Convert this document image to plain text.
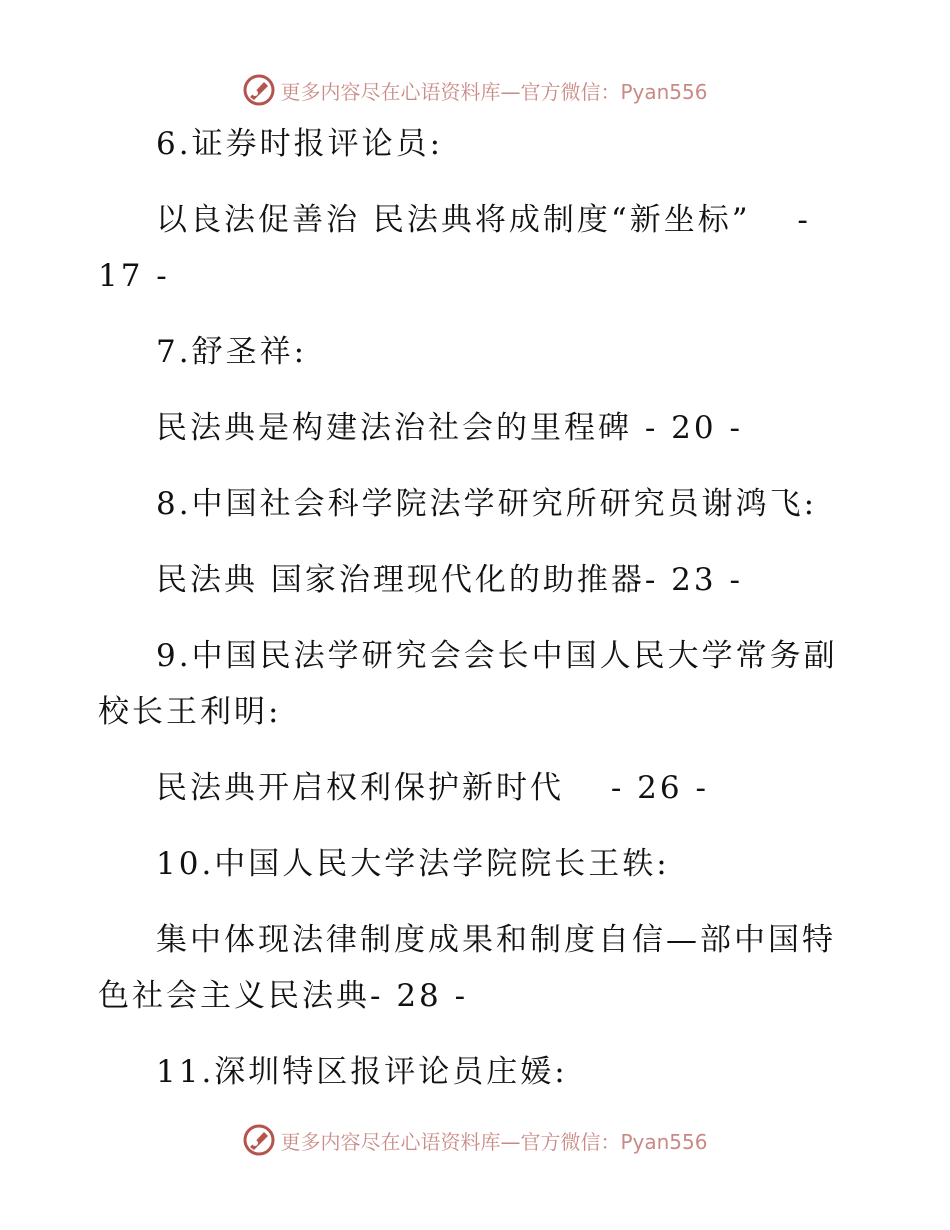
更多内容尽在心语资料库—官方微信：Pyan556

6.证券时报评论员:

以良法促善治 民法典将成制度“新坐标”　 - 17 -

7.舒圣祥:

民法典是构建法治社会的里程碑 - 20 -

8.中国社会科学院法学研究所研究员谢鸿飞:

民法典 国家治理现代化的助推器- 23 -

9.中国民法学研究会会长中国人民大学常务副校长王利明:

民法典开启权利保护新时代　 - 26 -

10.中国人民大学法学院院长王轶:

集中体现法律制度成果和制度自信—部中国特色社会主义民法典- 28 -

11.深圳特区报评论员庄媛:

更多内容尽在心语资料库—官方微信：Pyan556
